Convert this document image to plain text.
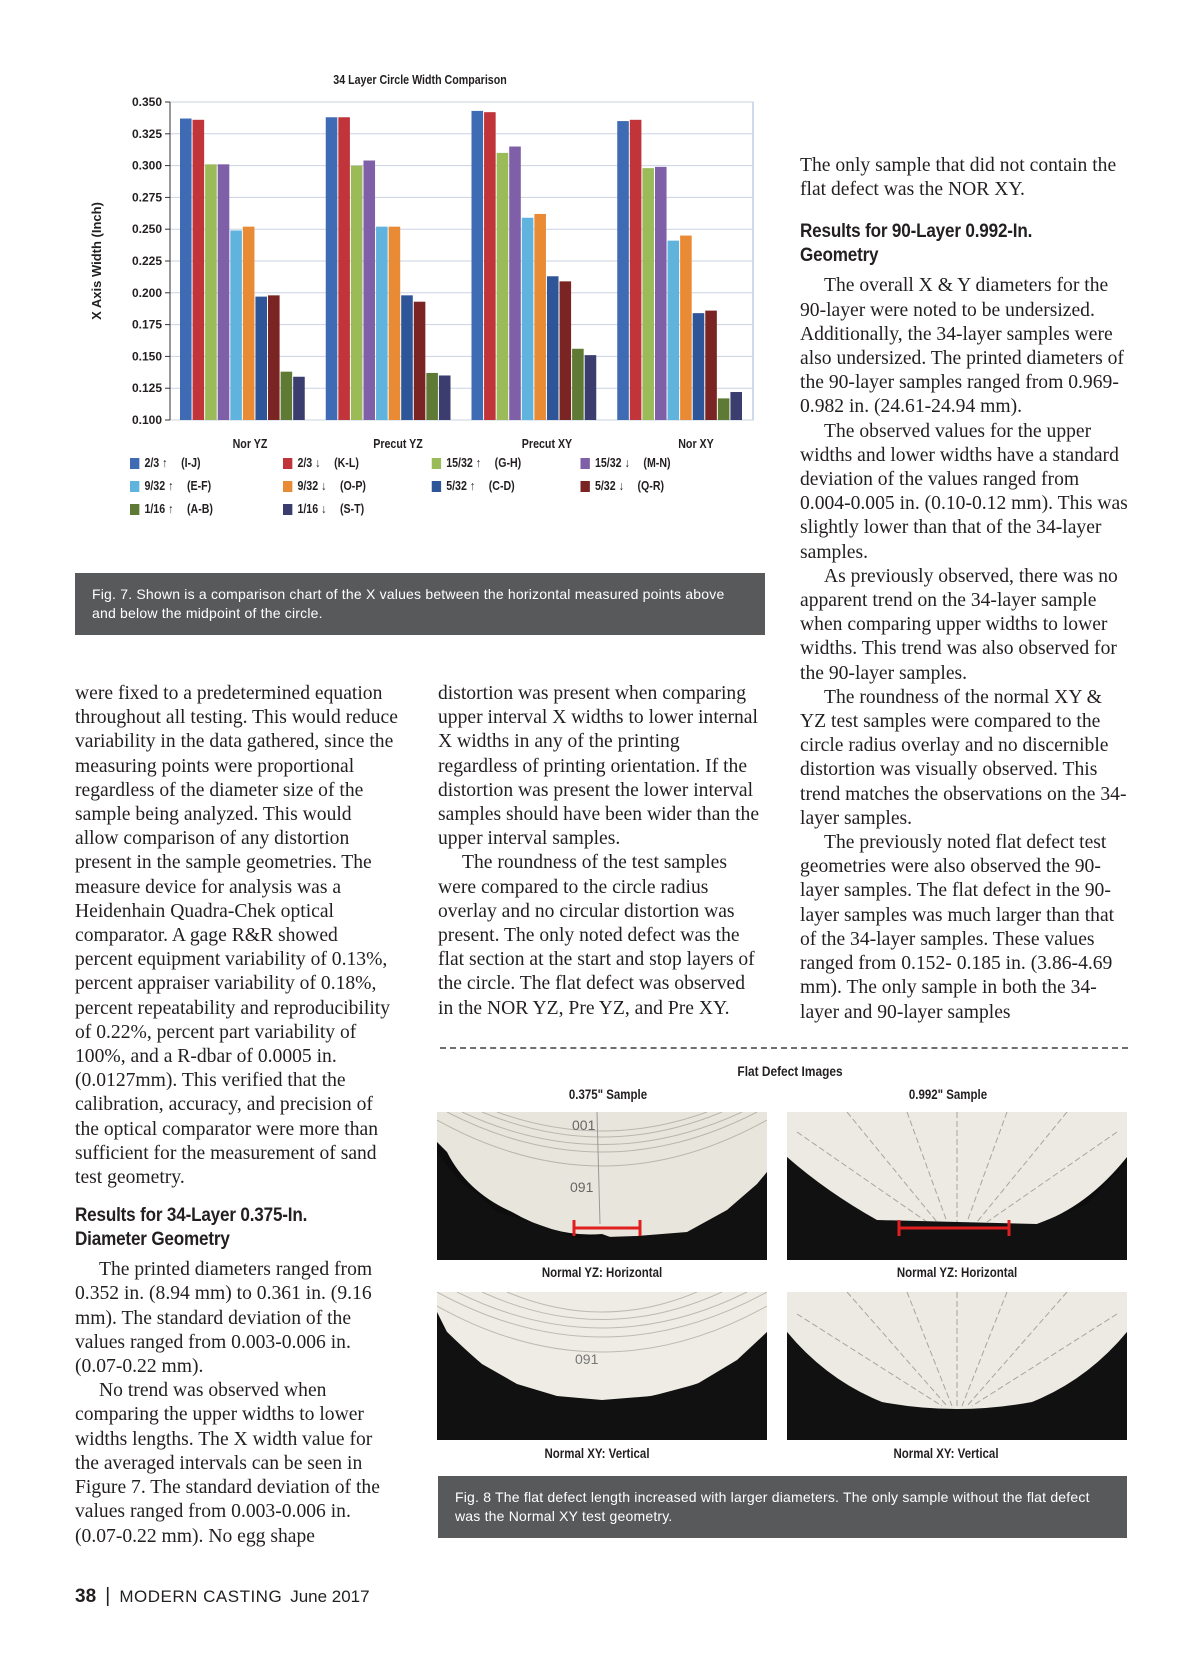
34 Layer Circle Width Comparison
0.350
0.325
0.300
0.275
0.250
0.225
0.200
0.175
0.150
0.125
0.100
X Axis Width (Inch)
Nor YZ	Precut YZ	Precut XY	Nor XY
2/3 ↑ (I-J)	2/3 ↓ (K-L)	15/32 ↑ (G-H)	15/32 ↓ (M-N)
9/32 ↑ (E-F)	9/32 ↓ (O-P)	5/32 ↑ (C-D)	5/32 ↓ (Q-R)
1/16 ↑ (A-B)	1/16 ↓ (S-T)
Fig. 7. Shown is a comparison chart of the X values between the horizontal measured points above and below the midpoint of the circle.

were fixed to a predetermined equation throughout all testing. This would reduce variability in the data gathered, since the measuring points were proportional regardless of the diameter size of the sample being analyzed. This would allow comparison of any distortion present in the sample geometries. The measure device for analysis was a Heidenhain Quadra-Chek optical comparator. A gage R&R showed percent equipment variability of 0.13%, percent appraiser variability of 0.18%, percent repeatability and reproducibility of 0.22%, percent part variability of 100%, and a R-dbar of 0.0005 in. (0.0127mm). This verified that the calibration, accuracy, and precision of the optical comparator were more than sufficient for the measurement of sand test geometry.

Results for 34-Layer 0.375-In. Diameter Geometry

The printed diameters ranged from 0.352 in. (8.94 mm) to 0.361 in. (9.16 mm). The standard deviation of the values ranged from 0.003-0.006 in. (0.07-0.22 mm).

No trend was observed when comparing the upper widths to lower widths lengths. The X width value for the averaged intervals can be seen in Figure 7. The standard deviation of the values ranged from 0.003-0.006 in. (0.07-0.22 mm). No egg shape

distortion was present when comparing upper interval X widths to lower internal X widths in any of the printing regardless of printing orientation. If the distortion was present the lower interval samples should have been wider than the upper interval samples.

The roundness of the test samples were compared to the circle radius overlay and no circular distortion was present. The only noted defect was the flat section at the start and stop layers of the circle. The flat defect was observed in the NOR YZ, Pre YZ, and Pre XY.

The only sample that did not contain the flat defect was the NOR XY.

Results for 90-Layer 0.992-In. Geometry

The overall X & Y diameters for the 90-layer were noted to be undersized. Additionally, the 34-layer samples were also undersized. The printed diameters of the 90-layer samples ranged from 0.969-0.982 in. (24.61-24.94 mm).

The observed values for the upper widths and lower widths have a standard deviation of the values ranged from 0.004-0.005 in. (0.10-0.12 mm). This was slightly lower than that of the 34-layer samples.

As previously observed, there was no apparent trend on the 34-layer sample when comparing upper widths to lower widths. This trend was also observed for the 90-layer samples.

The roundness of the normal XY & YZ test samples were compared to the circle radius overlay and no discernible distortion was visually observed. This trend matches the observations on the 34-layer samples.

The previously noted flat defect test geometries were also observed the 90-layer samples. The flat defect in the 90-layer samples was much larger than that of the 34-layer samples. These values ranged from 0.152- 0.185 in. (3.86-4.69 mm). The only sample in both the 34-layer and 90-layer samples

Flat Defect Images
0.375" Sample	0.992" Sample
001
091
Normal YZ: Horizontal	Normal YZ: Horizontal
091
Normal XY: Vertical	Normal XY: Vertical
Fig. 8 The flat defect length increased with larger diameters. The only sample without the flat defect was the Normal XY test geometry.
38 | MODERN CASTING June 2017
